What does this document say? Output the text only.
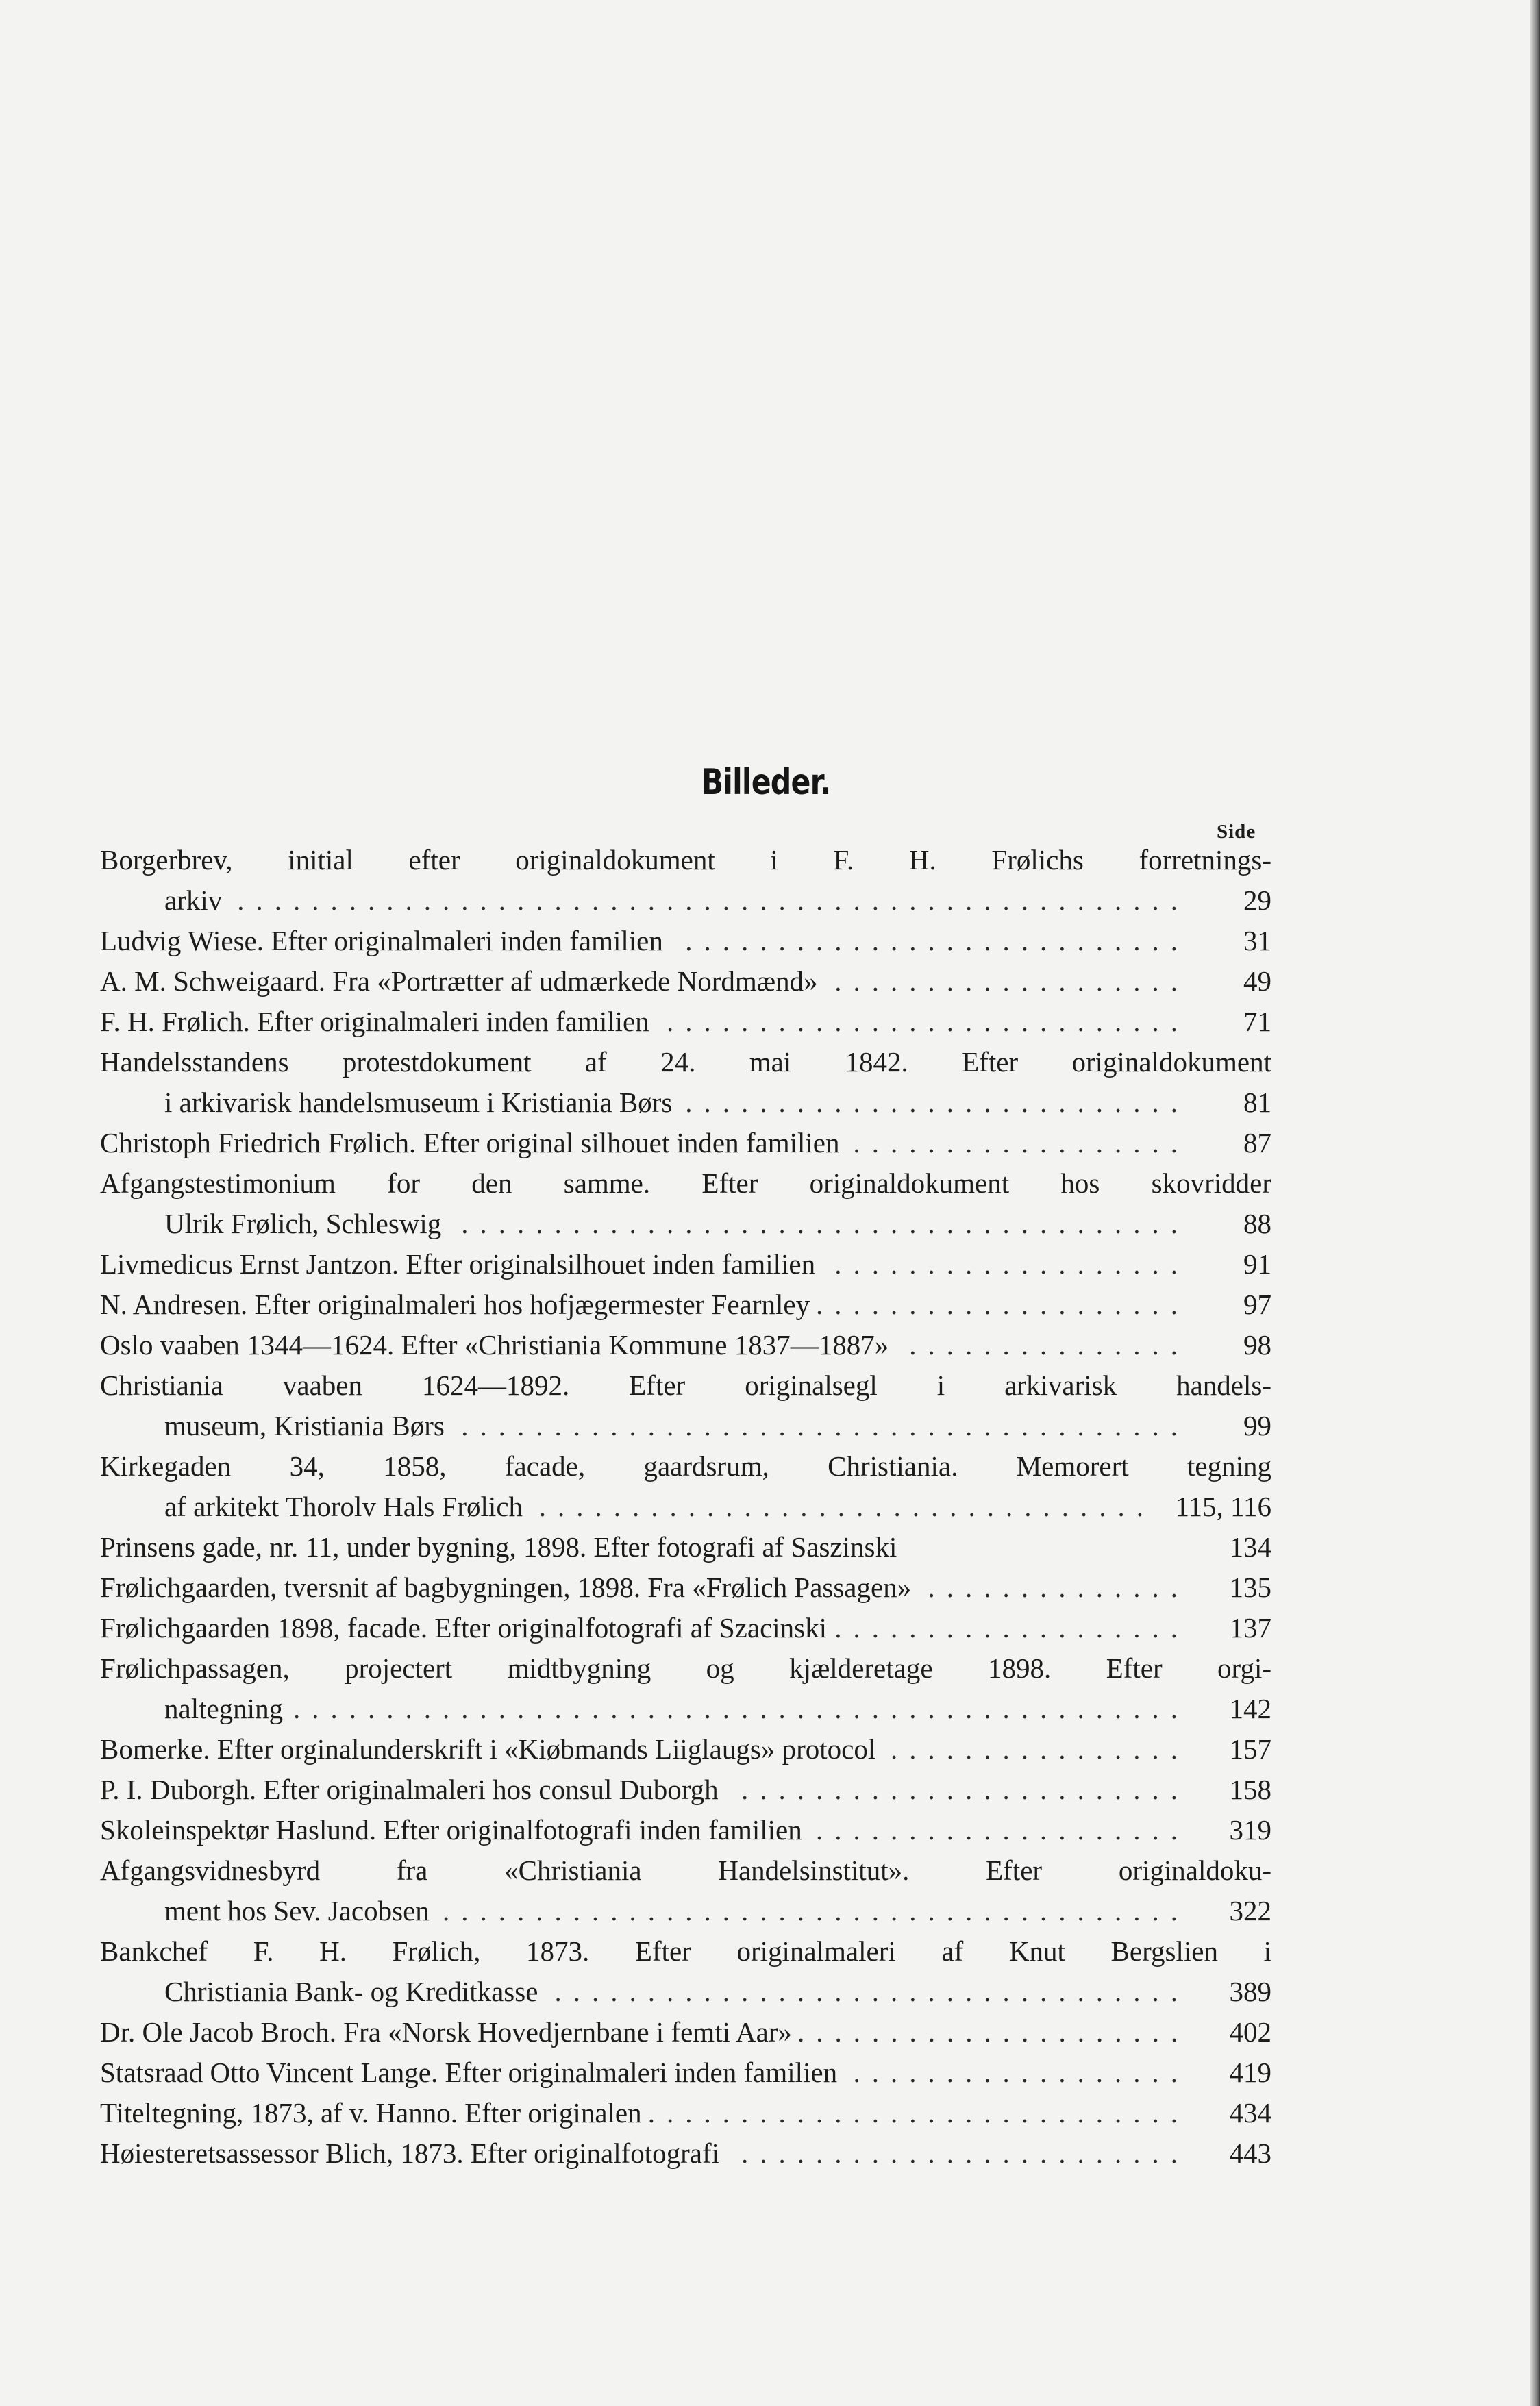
Billeder.
Side
Borgerbrev, initial efter originaldokument i F. H. Frølichs forretnings-
arkiv ...................................................	29
Ludvig Wiese. Efter originalmaleri inden familien ...........................	31
A. M. Schweigaard. Fra «Portrætter af udmærkede Nordmænd» ...................	49
F. H. Frølich. Efter originalmaleri inden familien ............................	71
Handelsstandens protestdokument af 24. mai 1842. Efter originaldokument
i arkivarisk handelsmuseum i Kristiania Børs ...........................	81
Christoph Friedrich Frølich. Efter original silhouet inden familien ..................	87
Afgangstestimonium for den samme. Efter originaldokument hos skovridder
Ulrik Frølich, Schleswig .......................................	88
Livmedicus Ernst Jantzon. Efter originalsilhouet inden familien ...................	91
N. Andresen. Efter originalmaleri hos hofjægermester Fearnley ....................	97
Oslo vaaben 1344—1624. Efter «Christiania Kommune 1837—1887» ...............	98
Christiania vaaben 1624—1892. Efter originalsegl i arkivarisk handels-
museum, Kristiania Børs .......................................	99
Kirkegaden 34, 1858, facade, gaardsrum, Christiania. Memorert tegning
af arkitekt Thorolv Hals Frølich ................................. 115, 116
Prinsens gade, nr. 11, under bygning, 1898. Efter fotografi af Saszinski	134
Frølichgaarden, tversnit af bagbygningen, 1898. Fra «Frølich Passagen» ..............	135
Frølichgaarden 1898, facade. Efter originalfotografi af Szacinski ...................	137
Frølichpassagen, projectert midtbygning og kjælderetage 1898. Efter orgi-
naltegning ................................................	142
Bomerke. Efter orginalunderskrift i «Kiøbmands Liiglaugs» protocol ................	157
P. I. Duborgh. Efter originalmaleri hos consul Duborgh ........................	158
Skoleinspektør Haslund. Efter originalfotografi inden familien ....................	319
Afgangsvidnesbyrd fra «Christiania Handelsinstitut». Efter originaldoku-
ment hos Sev. Jacobsen ........................................	322
Bankchef F. H. Frølich, 1873. Efter originalmaleri af Knut Bergslien i
Christiania Bank- og Kreditkasse ..................................	389
Dr. Ole Jacob Broch. Fra «Norsk Hovedjernbane i femti Aar» .....................	402
Statsraad Otto Vincent Lange. Efter originalmaleri inden familien ..................	419
Titeltegning, 1873, af v. Hanno. Efter originalen .............................	434
Høiesteretsassessor Blich, 1873. Efter originalfotografi ........................	443
